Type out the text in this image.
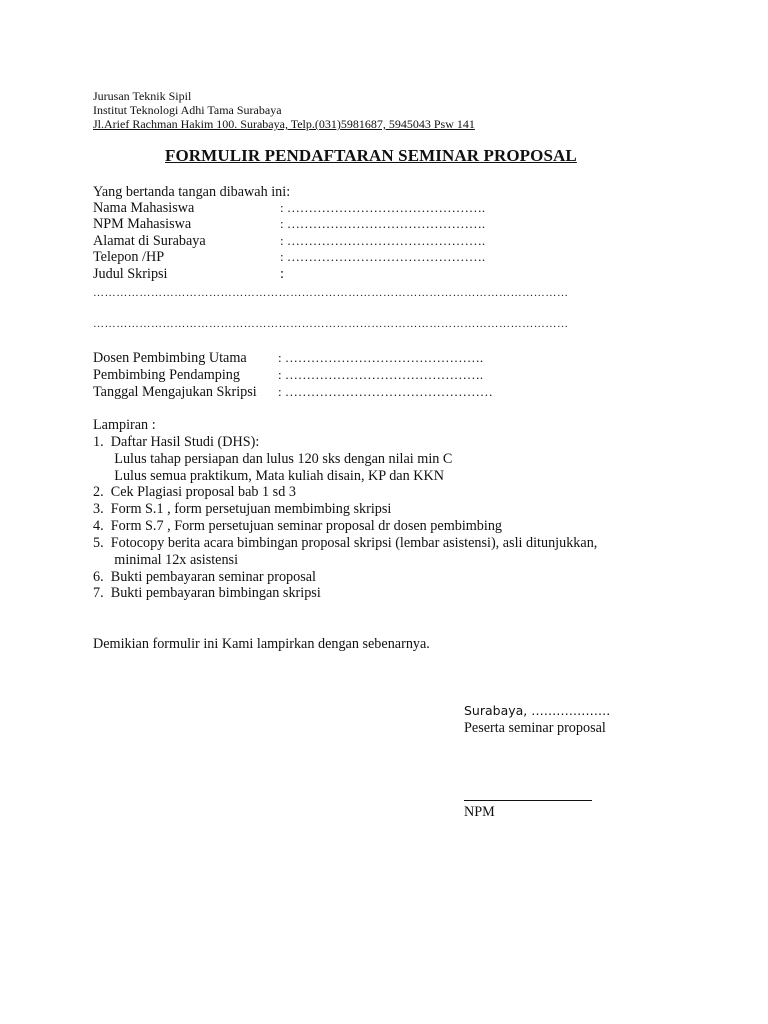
Jurusan Teknik Sipil
Institut Teknologi Adhi Tama Surabaya
Jl.Arief Rachman Hakim 100. Surabaya, Telp.(031)5981687, 5945043 Psw 141
FORMULIR PENDAFTARAN SEMINAR PROPOSAL
Yang bertanda tangan dibawah ini:
Nama Mahasiswa	: ……………………………………….
NPM Mahasiswa	: ……………………………………….
Alamat di Surabaya	: ……………………………………….
Telepon /HP	: ……………………………………….
Judul Skripsi	:
……………………………………………………………………………………………………………
……………………………………………………………………………………………………………
Dosen Pembimbing Utama : ……………………………………….
Pembimbing Pendamping	: ……………………………………….
Tanggal Mengajukan Skripsi : …………………………………………
Lampiran :
1.  Daftar Hasil Studi (DHS):
Lulus tahap persiapan dan lulus 120 sks dengan nilai min C
Lulus semua praktikum, Mata kuliah disain, KP dan KKN
2.  Cek Plagiasi proposal bab 1 sd 3
3.  Form S.1 , form persetujuan membimbing skripsi
4.  Form S.7 , Form persetujuan seminar proposal dr dosen pembimbing
5.  Fotocopy berita acara bimbingan proposal skripsi (lembar asistensi), asli ditunjukkan,
minimal 12x asistensi
6.  Bukti pembayaran seminar proposal
7.  Bukti pembayaran bimbingan skripsi
Demikian formulir ini Kami lampirkan dengan sebenarnya.
Surabaya, ……………….
Peserta seminar proposal
NPM
